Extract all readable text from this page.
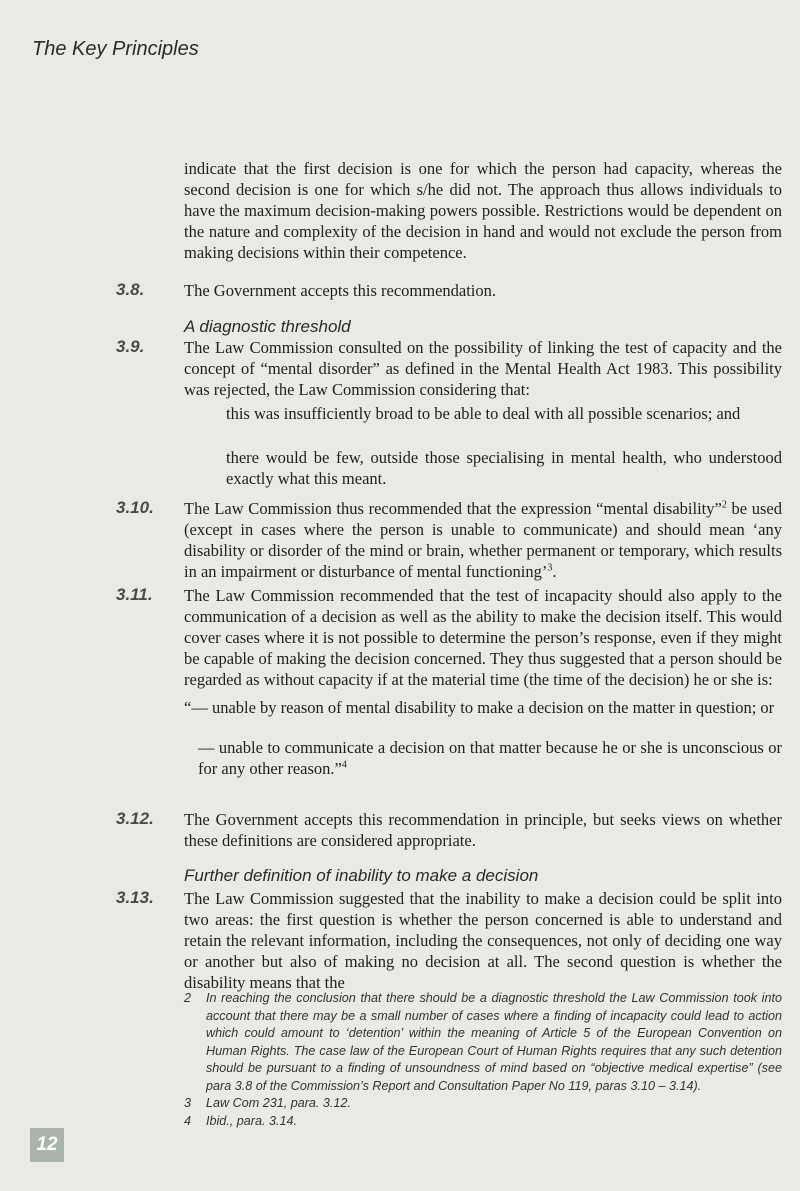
The Key Principles
indicate that the first decision is one for which the person had capacity, whereas the second decision is one for which s/he did not. The approach thus allows individuals to have the maximum decision-making powers possible. Restrictions would be dependent on the nature and complexity of the decision in hand and would not exclude the person from making decisions within their competence.
3.8. The Government accepts this recommendation.
A diagnostic threshold
3.9. The Law Commission consulted on the possibility of linking the test of capacity and the concept of “mental disorder” as defined in the Mental Health Act 1983. This possibility was rejected, the Law Commission considering that:
this was insufficiently broad to be able to deal with all possible scenarios; and
there would be few, outside those specialising in mental health, who understood exactly what this meant.
3.10. The Law Commission thus recommended that the expression “mental disability”$^2$ be used (except in cases where the person is unable to communicate) and should mean ‘any disability or disorder of the mind or brain, whether permanent or temporary, which results in an impairment or disturbance of mental functioning’$^3$.
3.11. The Law Commission recommended that the test of incapacity should also apply to the communication of a decision as well as the ability to make the decision itself. This would cover cases where it is not possible to determine the person’s response, even if they might be capable of making the decision concerned. They thus suggested that a person should be regarded as without capacity if at the material time (the time of the decision) he or she is:
“— unable by reason of mental disability to make a decision on the matter in question; or
— unable to communicate a decision on that matter because he or she is unconscious or for any other reason.”$^4$
3.12. The Government accepts this recommendation in principle, but seeks views on whether these definitions are considered appropriate.
Further definition of inability to make a decision
3.13. The Law Commission suggested that the inability to make a decision could be split into two areas: the first question is whether the person concerned is able to understand and retain the relevant information, including the consequences, not only of deciding one way or another but also of making no decision at all. The second question is whether the disability means that the
2 In reaching the conclusion that there should be a diagnostic threshold the Law Commission took into account that there may be a small number of cases where a finding of incapacity could lead to action which could amount to ‘detention’ within the meaning of Article 5 of the European Convention on Human Rights. The case law of the European Court of Human Rights requires that any such detention should be pursuant to a finding of unsoundness of mind based on “objective medical expertise” (see para 3.8 of the Commission’s Report and Consultation Paper No 119, paras 3.10 – 3.14).
3 Law Com 231, para. 3.12.
4 Ibid., para. 3.14.
12
